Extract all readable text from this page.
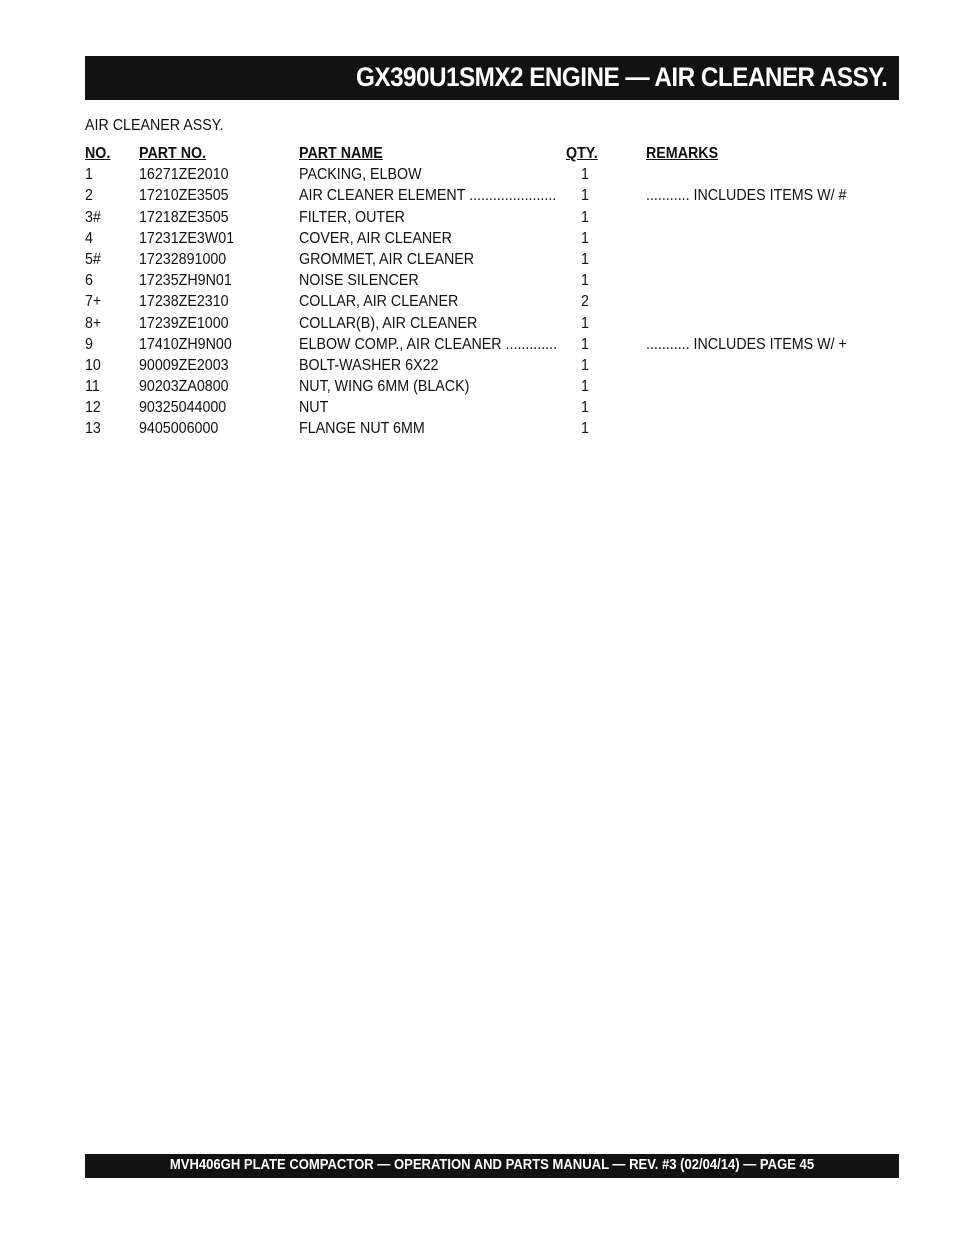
GX390U1SMX2 ENGINE — AIR CLEANER ASSY.
AIR CLEANER ASSY.
NO. PART NO.	PART NAME	QTY.	REMARKS
1	16271ZE2010	PACKING, ELBOW	1
2	17210ZE3505	AIR CLEANER ELEMENT ...................... 1	........... INCLUDES ITEMS W/ #
3# 17218ZE3505	FILTER, OUTER	1
4	17231ZE3W01	COVER, AIR CLEANER	1
5# 17232891000	GROMMET, AIR CLEANER	1
6	17235ZH9N01	NOISE SILENCER	1
7+ 17238ZE2310	COLLAR, AIR CLEANER	2
8+ 17239ZE1000	COLLAR(B), AIR CLEANER	1
9	17410ZH9N00	ELBOW COMP., AIR CLEANER ............. 1	........... INCLUDES ITEMS W/ +
10 90009ZE2003	BOLT-WASHER 6X22	1
11	90203ZA0800	NUT, WING 6MM (BLACK)	1
12 90325044000	NUT	1
13 9405006000	FLANGE NUT 6MM	1
MVH406GH PLATE COMPACTOR — OPERATION AND PARTS MANUAL — REV. #3 (02/04/14) — PAGE 45
